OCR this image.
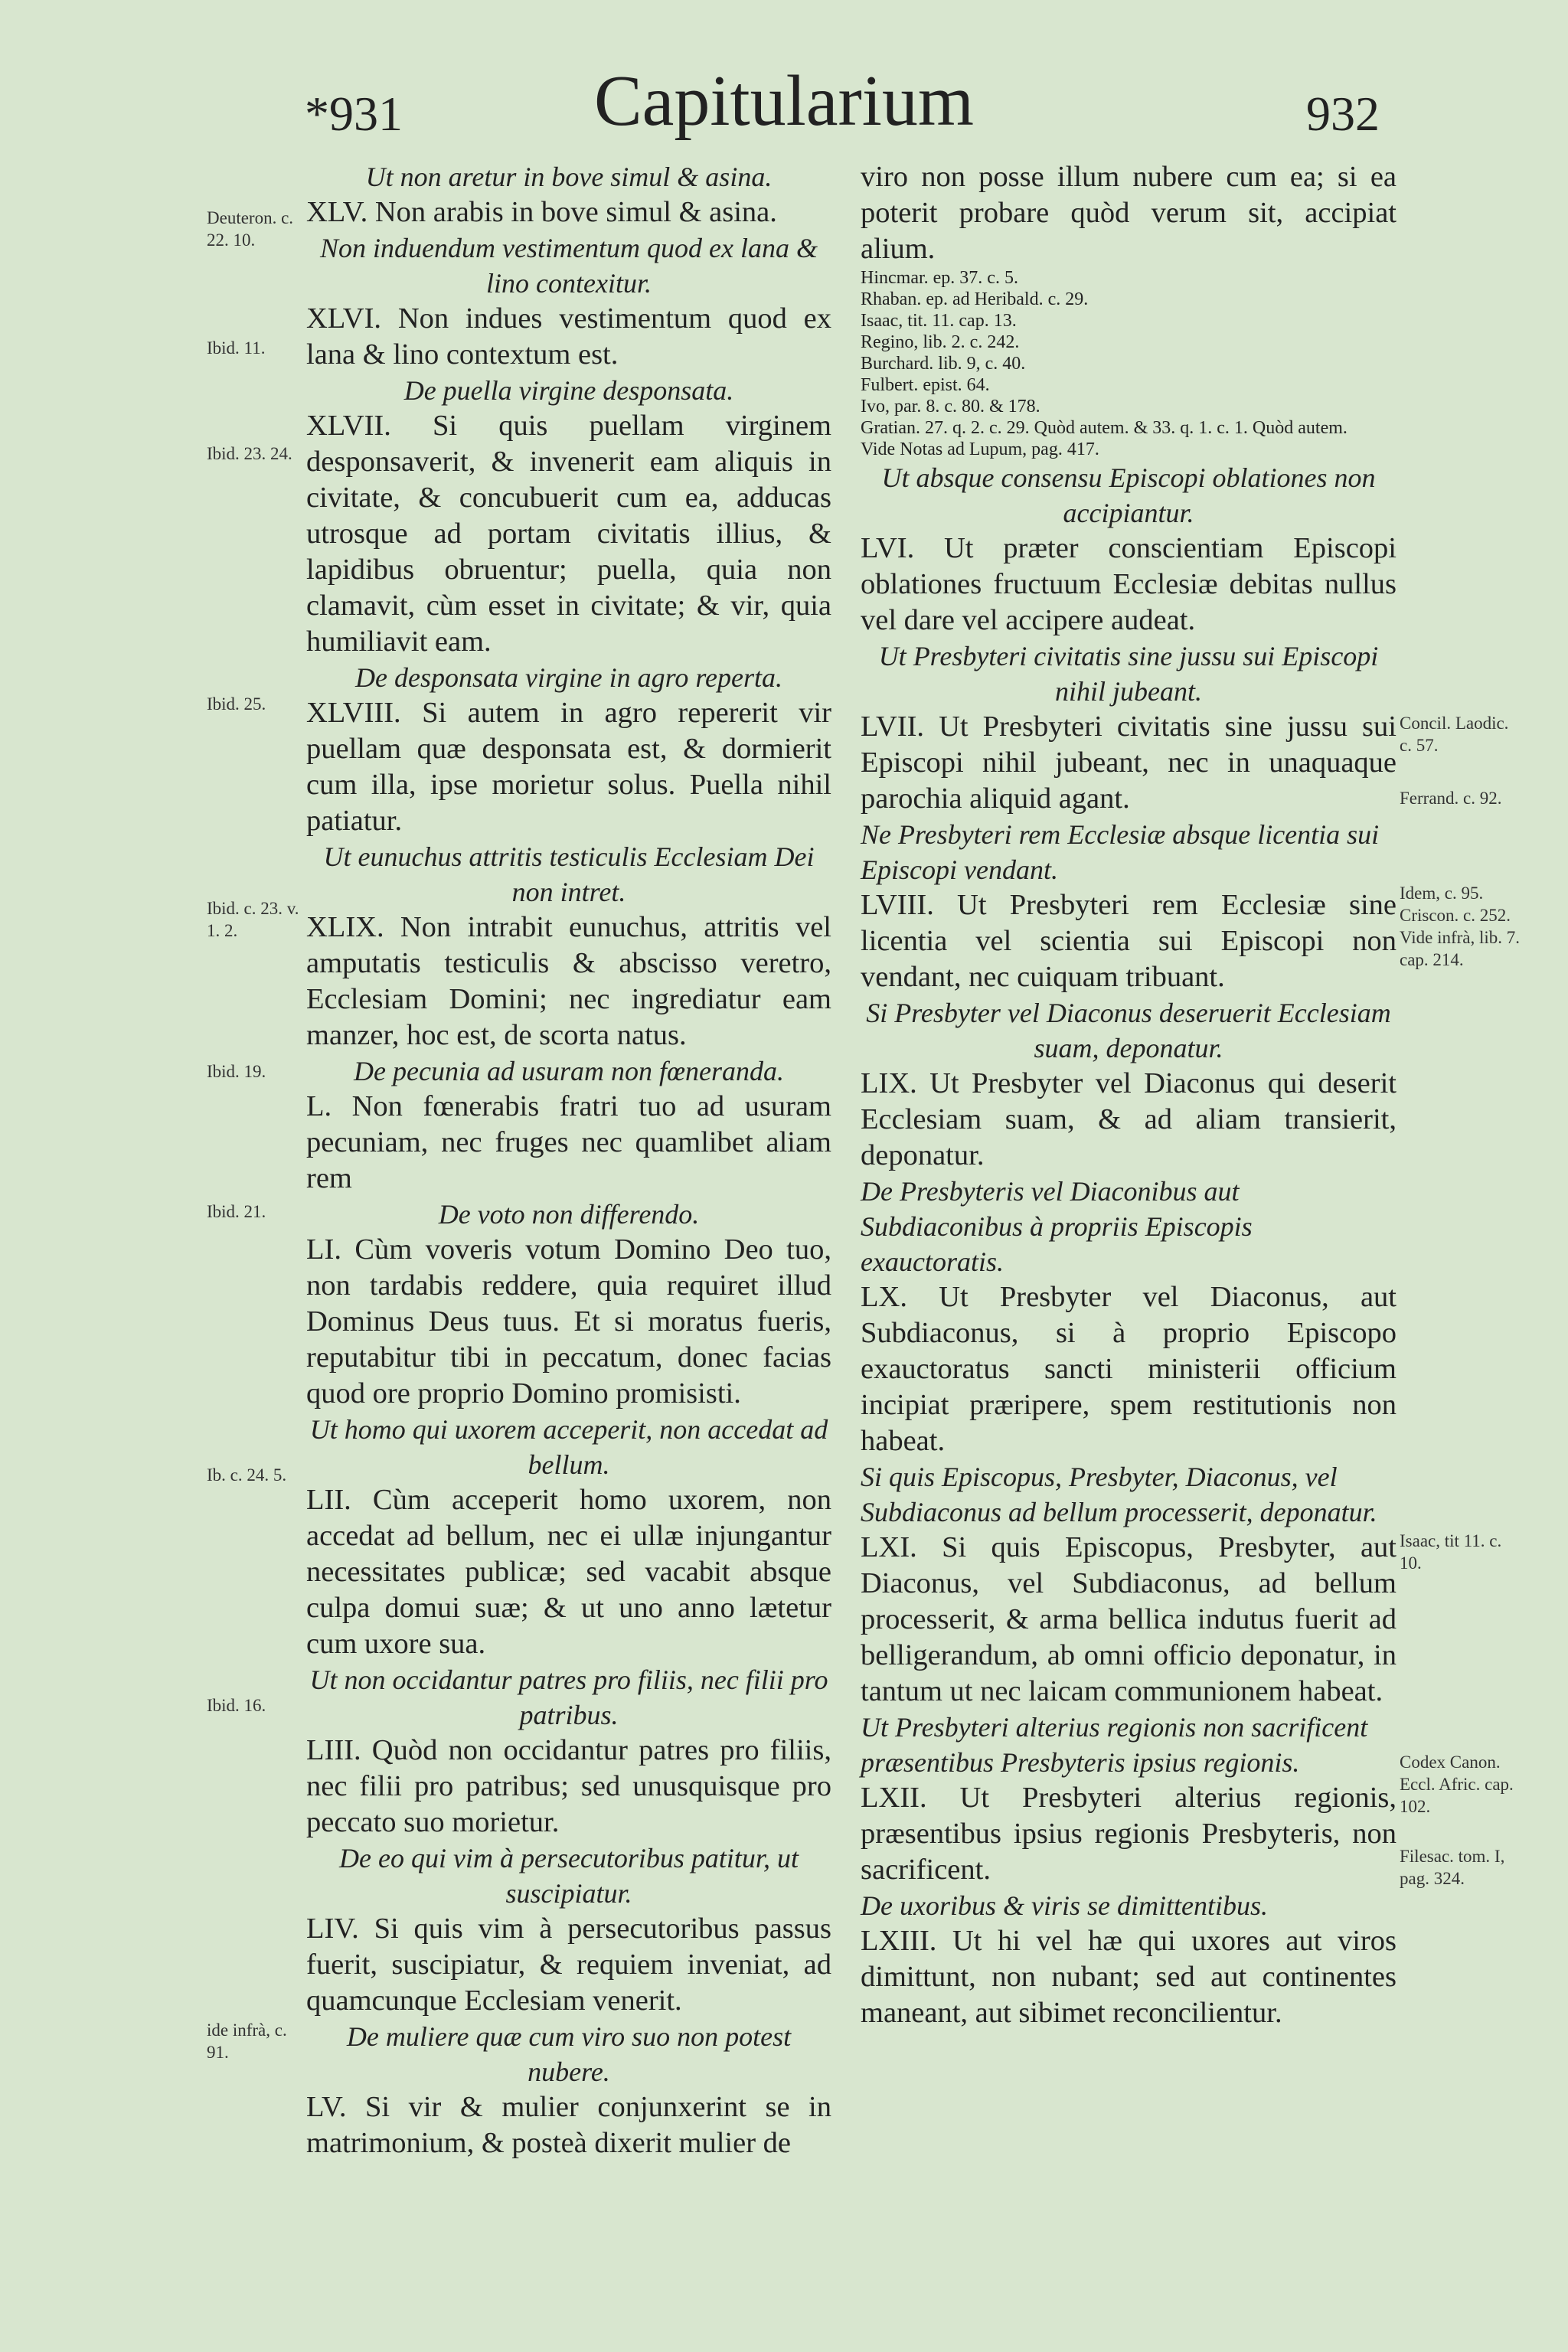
*931	Capitularium	932
Ut non aretur in bove simul & asina.
XLV. Non arabis in bove simul & asina.
Non induendum vestimentum quod ex lana & lino contexitur.
XLVI. Non indues vestimentum quod ex lana & lino contextum est.
De puella virgine desponsata.
XLVII. Si quis puellam virginem desponsaverit, & invenerit eam aliquis in civitate, & concubuerit cum ea, adducas utrosque ad portam civitatis illius, & lapidibus obruentur; puella, quia non clamavit, cùm esset in civitate; & vir, quia humiliavit eam.
De desponsata virgine in agro reperta.
XLVIII. Si autem in agro repererit vir puellam quæ desponsata est, & dormierit cum illa, ipse morietur solus. Puella nihil patiatur.
Ut eunuchus attritis testiculis Ecclesiam Dei non intret.
XLIX. Non intrabit eunuchus, attritis vel amputatis testiculis & abscisso veretro, Ecclesiam Domini; nec ingrediatur eam manzer, hoc est, de scorta natus.
De pecunia ad usuram non fœneranda.
L. Non fœnerabis fratri tuo ad usuram pecuniam, nec fruges nec quamlibet aliam rem
De voto non differendo.
LI. Cùm voveris votum Domino Deo tuo, non tardabis reddere, quia requiret illud Dominus Deus tuus. Et si moratus fueris, reputabitur tibi in peccatum, donec facias quod ore proprio Domino promisisti.
Ut homo qui uxorem acceperit, non accedat ad bellum.
LII. Cùm acceperit homo uxorem, non accedat ad bellum, nec ei ullæ injungantur necessitates publicæ; sed vacabit absque culpa domui suæ; & ut uno anno lætetur cum uxore sua.
Ut non occidantur patres pro filiis, nec filii pro patribus.
LIII. Quòd non occidantur patres pro filiis, nec filii pro patribus; sed unusquisque pro peccato suo morietur.
De eo qui vim à persecutoribus patitur, ut suscipiatur.
LIV. Si quis vim à persecutoribus passus fuerit, suscipiatur, & requiem inveniat, ad quamcunque Ecclesiam venerit.
De muliere quæ cum viro suo non potest nubere.
LV. Si vir & mulier conjunxerint se in matrimonium, & posteà dixerit mulier de
viro non posse illum nubere cum ea; si ea poterit probare quòd verum sit, accipiat alium.
Hincmar. ep. 37. c. 5.
Rhaban. ep. ad Heribald. c. 29.
Isaac, tit. 11. cap. 13.
Regino, lib. 2. c. 242.
Burchard. lib. 9, c. 40.
Fulbert. epist. 64.
Ivo, par. 8. c. 80. & 178.
Gratian. 27. q. 2. c. 29. Quòd autem. & 33. q. 1. c. 1. Quòd autem.
Vide Notas ad Lupum, pag. 417.
Ut absque consensu Episcopi oblationes non accipiantur.
LVI. Ut præter conscientiam Episcopi oblationes fructuum Ecclesiæ debitas nullus vel dare vel accipere audeat.
Ut Presbyteri civitatis sine jussu sui Episcopi nihil jubeant.
LVII. Ut Presbyteri civitatis sine jussu sui Episcopi nihil jubeant, nec in unaquaque parochia aliquid agant.
Ne Presbyteri rem Ecclesiæ absque licentia sui Episcopi vendant.
LVIII. Ut Presbyteri rem Ecclesiæ sine licentia vel scientia sui Episcopi non vendant, nec cuiquam tribuant.
Si Presbyter vel Diaconus deseruerit Ecclesiam suam, deponatur.
LIX. Ut Presbyter vel Diaconus qui deserit Ecclesiam suam, & ad aliam transierit, deponatur.
De Presbyteris vel Diaconibus aut Subdiaconibus à propriis Episcopis exauctoratis.
LX. Ut Presbyter vel Diaconus, aut Subdiaconus, si à proprio Episcopo exauctoratus sancti ministerii officium incipiat præripere, spem restitutionis non habeat.
Si quis Episcopus, Presbyter, Diaconus, vel Subdiaconus ad bellum processerit, deponatur.
LXI. Si quis Episcopus, Presbyter, aut Diaconus, vel Subdiaconus, ad bellum processerit, & arma bellica indutus fuerit ad belligerandum, ab omni officio deponatur, in tantum ut nec laicam communionem habeat.
Ut Presbyteri alterius regionis non sacrificent præsentibus Presbyteris ipsius regionis.
LXII. Ut Presbyteri alterius regionis, præsentibus ipsius regionis Presbyteris, non sacrificent.
De uxoribus & viris se dimittentibus.
LXIII. Ut hi vel hæ qui uxores aut viros dimittunt, non nubant; sed aut continentes maneant, aut sibimet reconcilientur.
Deuteron. c. 22. 10.
Ibid. 11.
Ibid. 23. 24.
Ibid. 25.
Ibid. c. 23. v. 1. 2.
Ibid. 19.
Ibid. 21.
Ib. c. 24. 5.
Ibid. 16.
ide infrà, c. 91.
Concil. Laodic. c. 57.
Ferrand. c. 92.
Idem, c. 95. Criscon. c. 252. Vide infrà, lib. 7. cap. 214.
Isaac, tit 11. c. 10.
Codex Canon. Eccl. Afric. cap. 102.
Filesac. tom. I, pag. 324.
